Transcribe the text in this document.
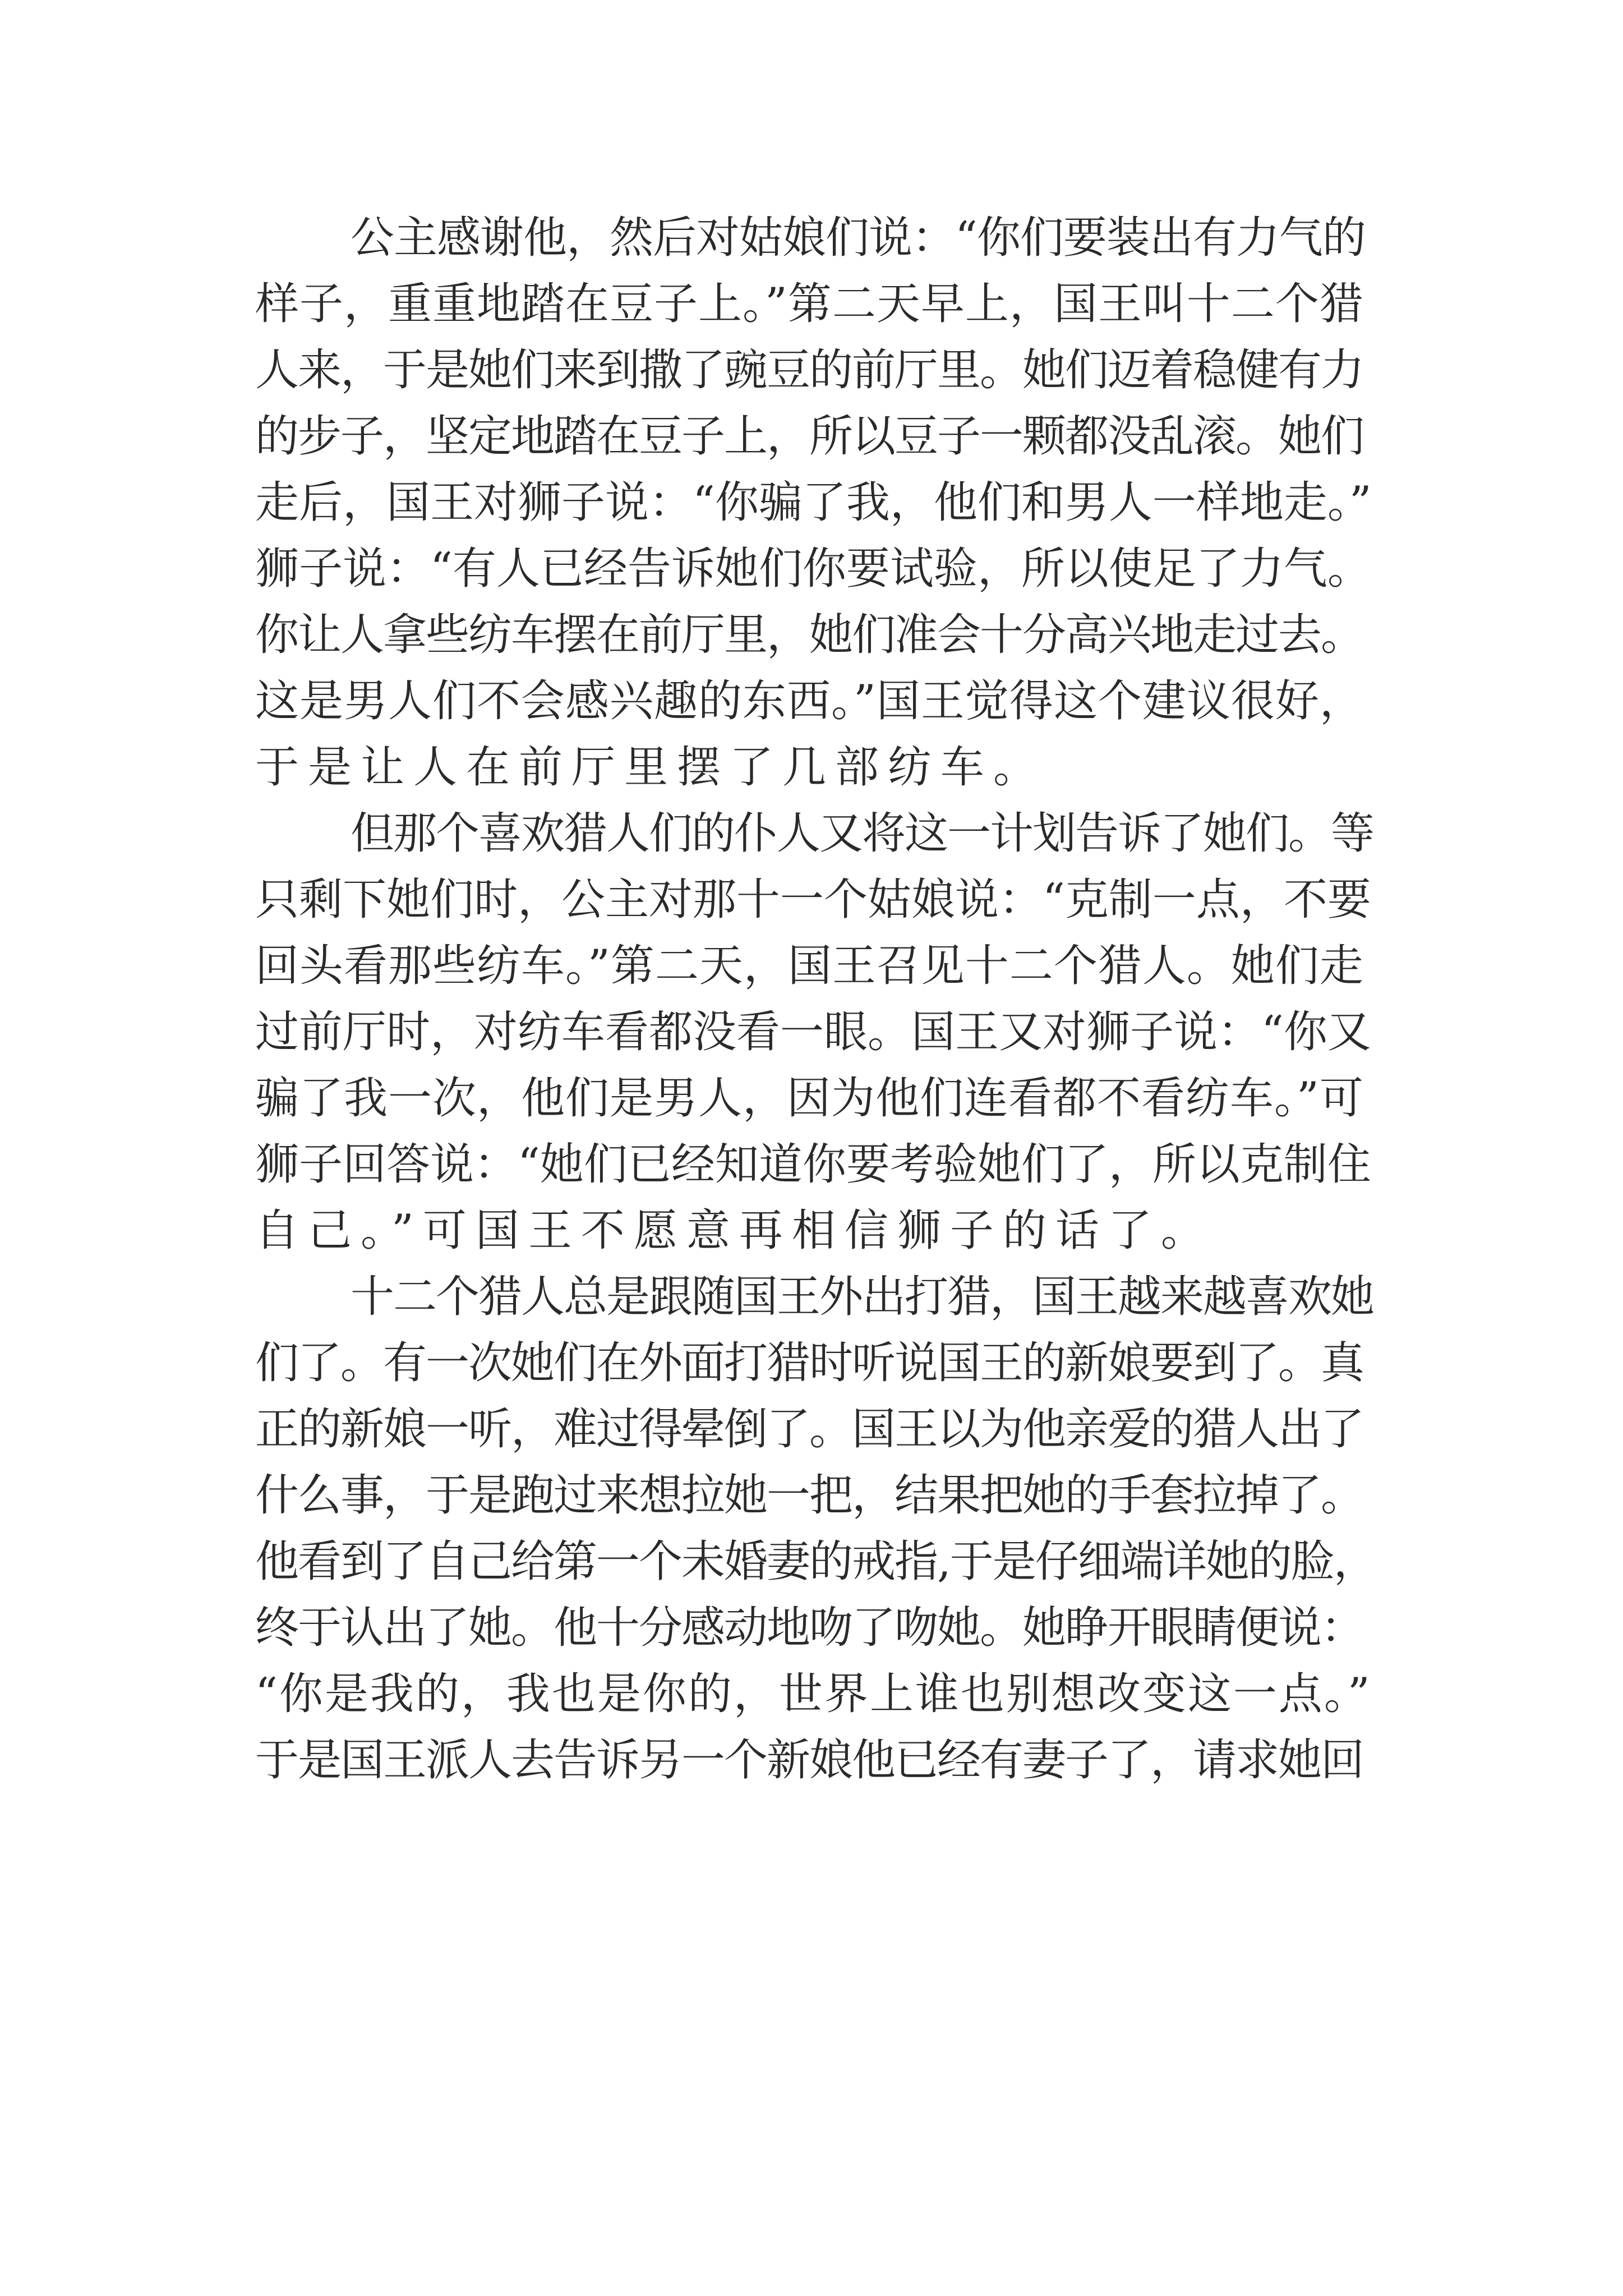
公主感谢他，然后对姑娘们说：“你们要装出有力气的
样子，重重地踏在豆子上。”第二天早上，国王叫十二个猎
人来，于是她们来到撒了豌豆的前厅里。她们迈着稳健有力
的步子，坚定地踏在豆子上，所以豆子一颗都没乱滚。她们
走后，国王对狮子说：“你骗了我，他们和男人一样地走。”
狮子说：“有人已经告诉她们你要试验，所以使足了力气。
你让人拿些纺车摆在前厅里，她们准会十分高兴地走过去。
这是男人们不会感兴趣的东西。”国王觉得这个建议很好，
于是让人在前厅里摆了几部纺车。
但那个喜欢猎人们的仆人又将这一计划告诉了她们。等
只剩下她们时，公主对那十一个姑娘说：“克制一点，不要
回头看那些纺车。”第二天，国王召见十二个猎人。她们走
过前厅时，对纺车看都没看一眼。国王又对狮子说：“你又
骗了我一次，他们是男人，因为他们连看都不看纺车。”可
狮子回答说：“她们已经知道你要考验她们了，所以克制住
自己。”可国王不愿意再相信狮子的话了。
十二个猎人总是跟随国王外出打猎，国王越来越喜欢她
们了。有一次她们在外面打猎时听说国王的新娘要到了。真
正的新娘一听，难过得晕倒了。国王以为他亲爱的猎人出了
什么事，于是跑过来想拉她一把，结果把她的手套拉掉了。
他看到了自己给第一个未婚妻的戒指,于是仔细端详她的脸，
终于认出了她。他十分感动地吻了吻她。她睁开眼睛便说：
“你是我的，我也是你的，世界上谁也别想改变这一点。”
于是国王派人去告诉另一个新娘他已经有妻子了，请求她回
